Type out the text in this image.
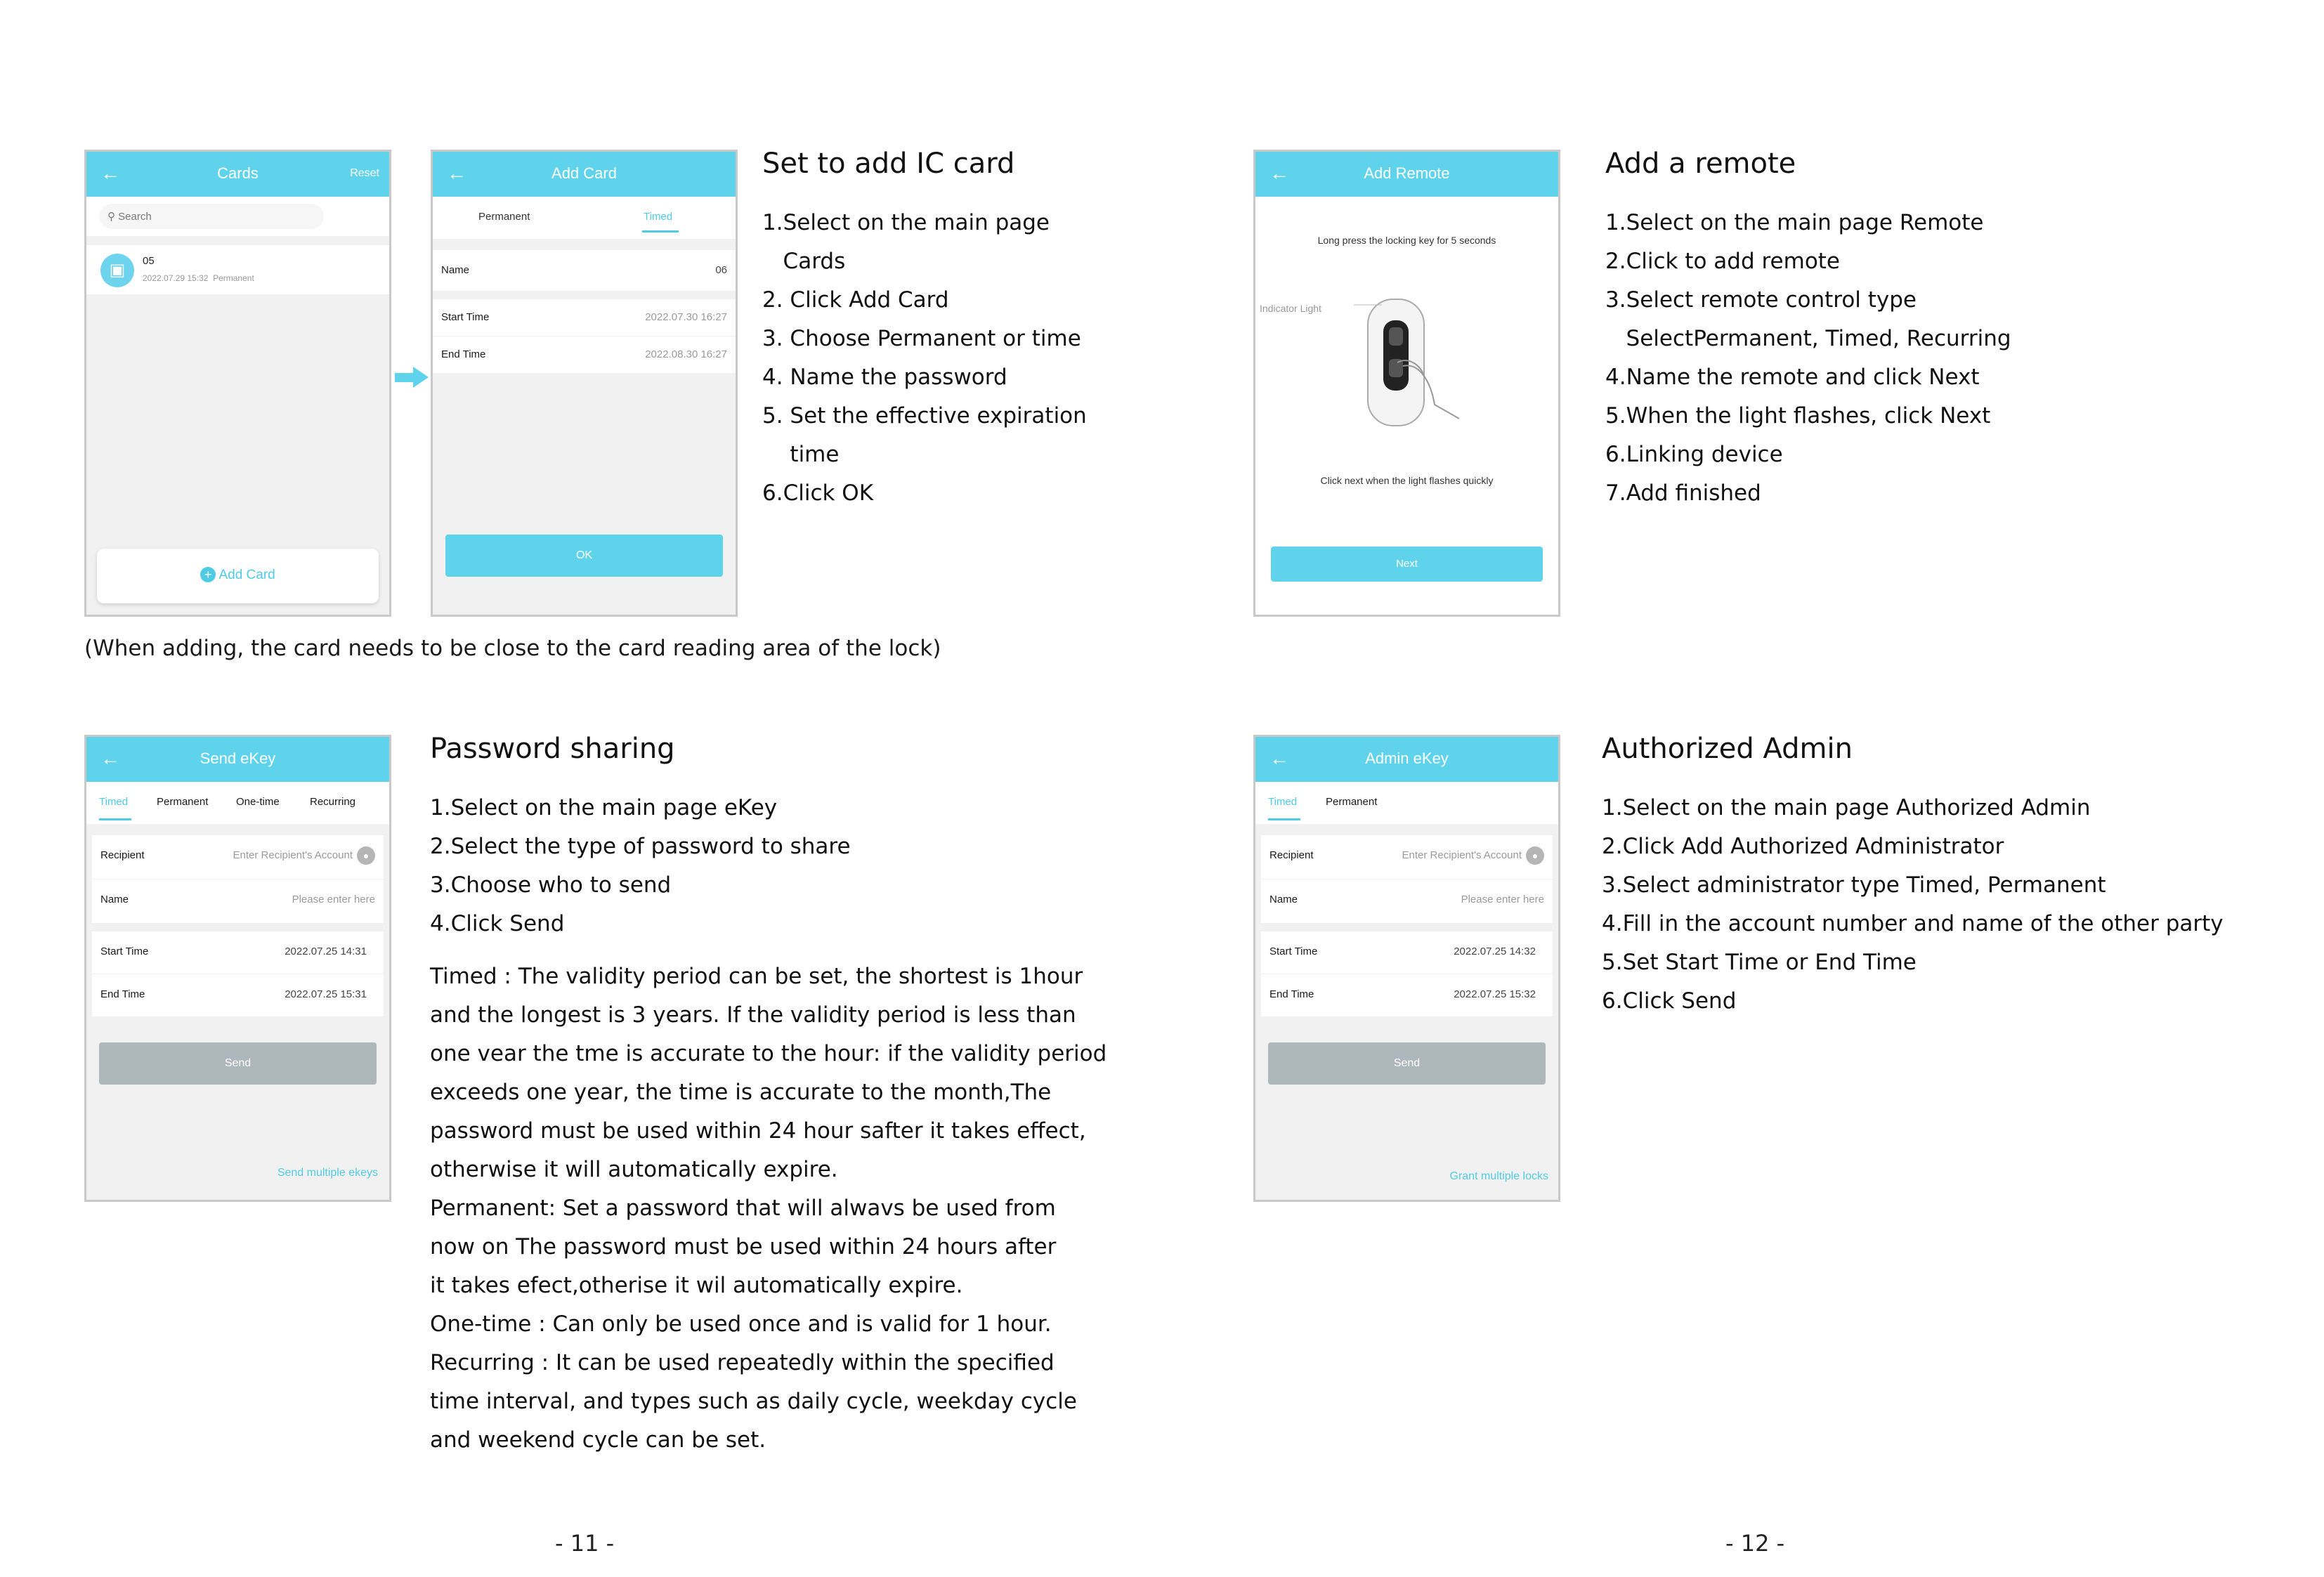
←	Cards	Reset
⚲ Search
▣	05
2022.07.29 15:32  Permanent
+ Add Card
←	Add Card
Permanent	Timed
Name	06
Start Time	2022.07.30 16:27
End Time	2022.08.30 16:27
OK
Set to add IC card
1.Select on the main page
Cards
2. Click Add Card
3. Choose Permanent or time
4. Name the password
5. Set the effective expiration
time
6.Click OK
(When adding, the card needs to be close to the card reading area of the lock)
←	Add Remote
Long press the locking key for 5 seconds
Indicator Light
Click next when the light flashes quickly
Next
Add a remote
1.Select on the main page Remote
2.Click to add remote
3.Select remote control type
SelectPermanent, Timed, Recurring
4.Name the remote and click Next
5.When the light flashes, click Next
6.Linking device
7.Add finished
←	Send eKey
Timed	Permanent	One-time	Recurring
Recipient	Enter Recipient's Account	●
Name	Please enter here
Start Time	2022.07.25 14:31
End Time	2022.07.25 15:31
Send
Send multiple ekeys
Password sharing
1.Select on the main page eKey
2.Select the type of password to share
3.Choose who to send
4.Click Send
Timed : The validity period can be set, the shortest is 1hour
and the longest is 3 years. If the validity period is less than
one vear the tme is accurate to the hour: if the validity period
exceeds one year, the time is accurate to the month,The
password must be used within 24 hour safter it takes effect,
otherwise it will automatically expire.
Permanent: Set a password that will alwavs be used from
now on The password must be used within 24 hours after
it takes efect,otherise it wil automatically expire.
One-time : Can only be used once and is valid for 1 hour.
Recurring : It can be used repeatedly within the specified
time interval, and types such as daily cycle, weekday cycle
and weekend cycle can be set.
←	Admin eKey
Timed	Permanent
Recipient	Enter Recipient's Account	●
Name	Please enter here
Start Time	2022.07.25 14:32
End Time	2022.07.25 15:32
Send
Grant multiple locks
Authorized Admin
1.Select on the main page Authorized Admin
2.Click Add Authorized Administrator
3.Select administrator type Timed, Permanent
4.Fill in the account number and name of the other party
5.Set Start Time or End Time
6.Click Send
- 11 -	- 12 -
